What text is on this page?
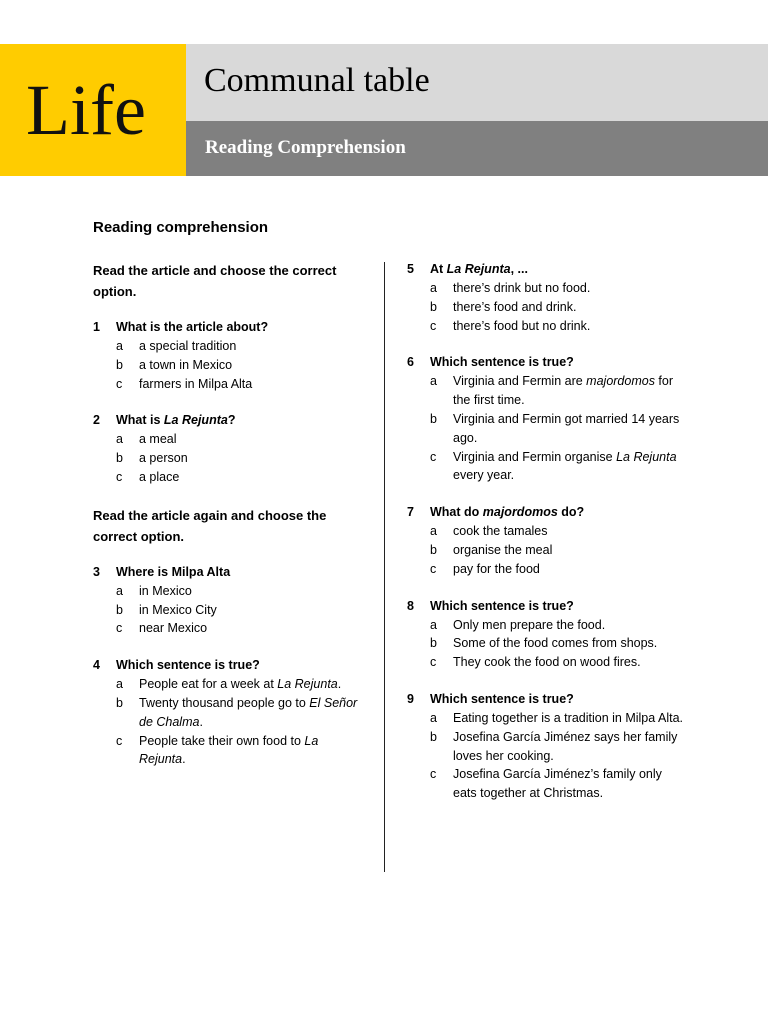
Life Communal table
Reading Comprehension
Reading comprehension
Read the article and choose the correct option.
1	What is the article about?
a	a special tradition
b	a town in Mexico
c	farmers in Milpa Alta
2	What is La Rejunta?
a	a meal
b	a person
c	a place
Read the article again and choose the correct option.
3	Where is Milpa Alta
a	in Mexico
b	in Mexico City
c	near Mexico
4	Which sentence is true?
a	People eat for a week at La Rejunta.
b	Twenty thousand people go to El Señor de Chalma.
c	People take their own food to La Rejunta.
5	At La Rejunta, ...
a	there’s drink but no food.
b	there’s food and drink.
c	there’s food but no drink.
6	Which sentence is true?
a	Virginia and Fermin are majordomos for the first time.
b	Virginia and Fermin got married 14 years ago.
c	Virginia and Fermin organise La Rejunta every year.
7	What do majordomos do?
a	cook the tamales
b	organise the meal
c	pay for the food
8	Which sentence is true?
a	Only men prepare the food.
b	Some of the food comes from shops.
c	They cook the food on wood fires.
9	Which sentence is true?
a	Eating together is a tradition in Milpa Alta.
b	Josefina García Jiménez says her family loves her cooking.
c	Josefina García Jiménez’s family only eats together at Christmas.
